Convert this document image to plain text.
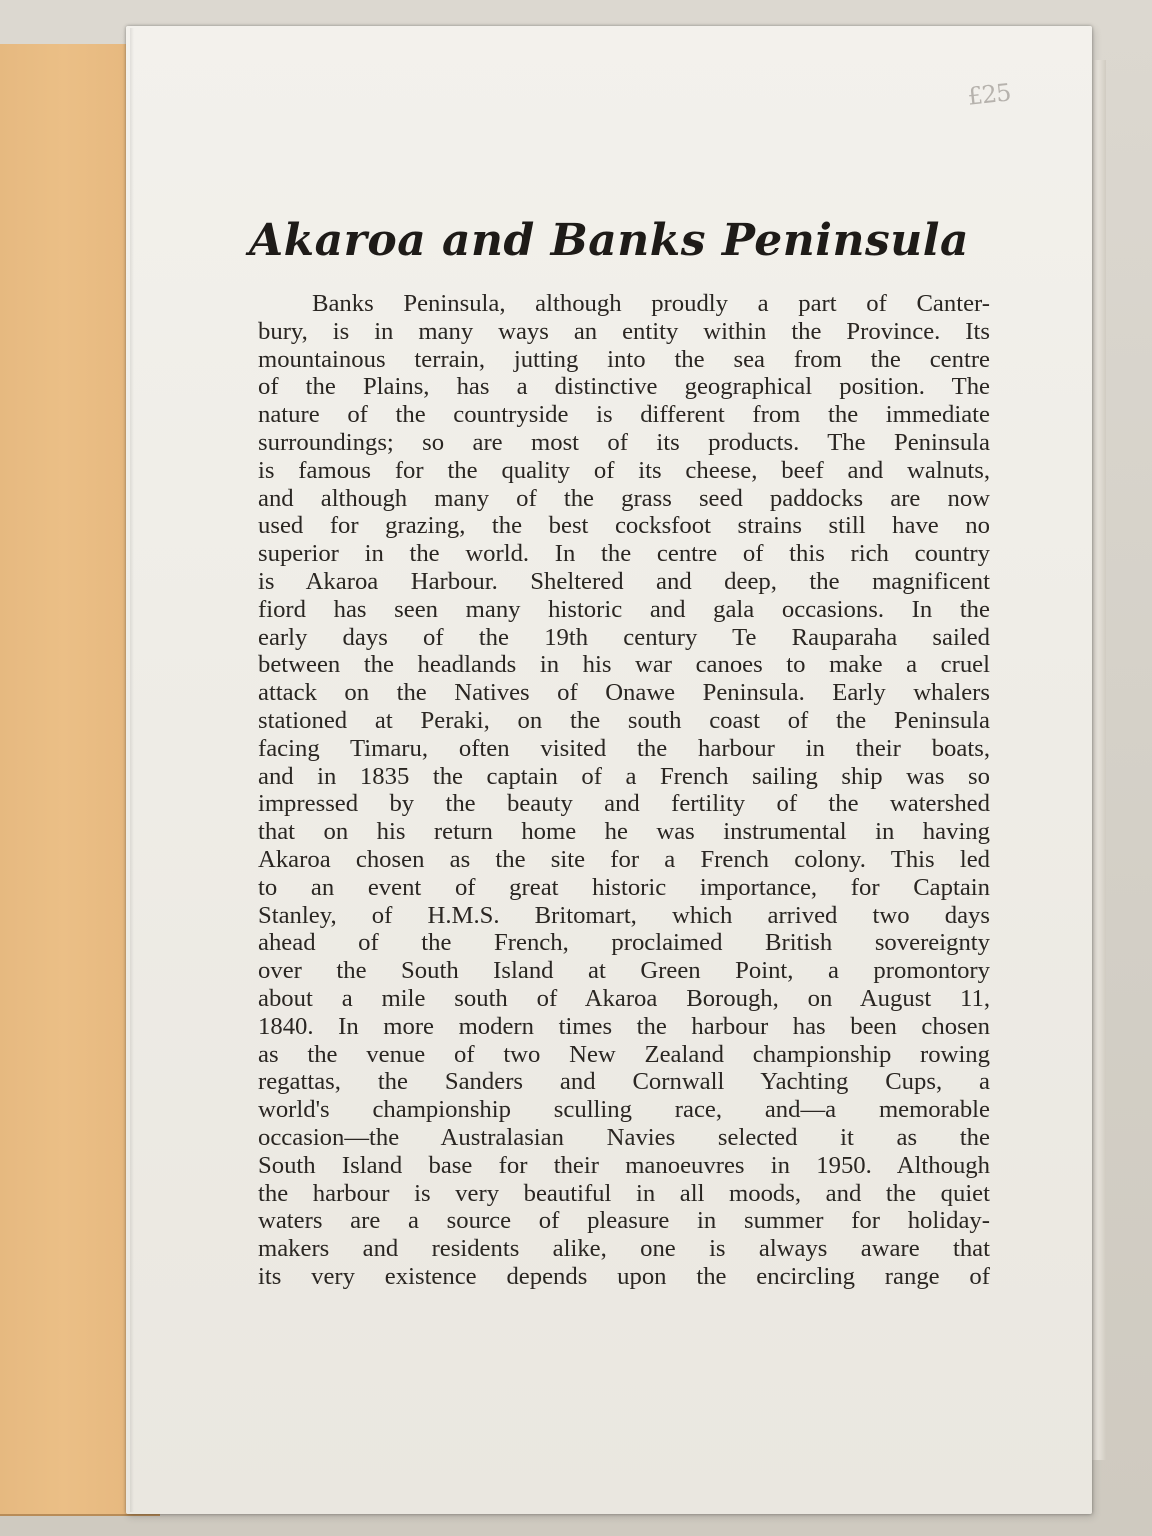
£25
Akaroa and Banks Peninsula
Banks Peninsula, although proudly a part of Canter-
bury, is in many ways an entity within the Province. Its
mountainous terrain, jutting into the sea from the centre
of the Plains, has a distinctive geographical position. The
nature of the countryside is different from the immediate
surroundings; so are most of its products. The Peninsula
is famous for the quality of its cheese, beef and walnuts,
and although many of the grass seed paddocks are now
used for grazing, the best cocksfoot strains still have no
superior in the world. In the centre of this rich country
is Akaroa Harbour. Sheltered and deep, the magnificent
fiord has seen many historic and gala occasions. In the
early days of the 19th century Te Rauparaha sailed
between the headlands in his war canoes to make a cruel
attack on the Natives of Onawe Peninsula. Early whalers
stationed at Peraki, on the south coast of the Peninsula
facing Timaru, often visited the harbour in their boats,
and in 1835 the captain of a French sailing ship was so
impressed by the beauty and fertility of the watershed
that on his return home he was instrumental in having
Akaroa chosen as the site for a French colony. This led
to an event of great historic importance, for Captain
Stanley, of H.M.S. Britomart, which arrived two days
ahead of the French, proclaimed British sovereignty
over the South Island at Green Point, a promontory
about a mile south of Akaroa Borough, on August 11,
1840. In more modern times the harbour has been chosen
as the venue of two New Zealand championship rowing
regattas, the Sanders and Cornwall Yachting Cups, a
world's championship sculling race, and—a memorable
occasion—the Australasian Navies selected it as the
South Island base for their manoeuvres in 1950. Although
the harbour is very beautiful in all moods, and the quiet
waters are a source of pleasure in summer for holiday-
makers and residents alike, one is always aware that
its very existence depends upon the encircling range of
